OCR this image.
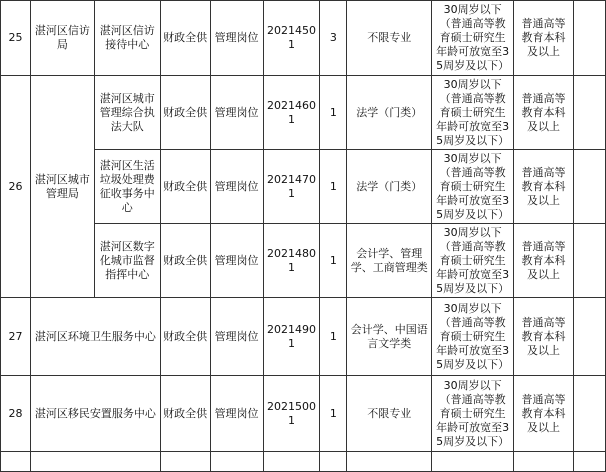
25	湛河区信访局	湛河区信访接待中心	财政全供	管理岗位	20214501	3	不限专业	30周岁以下（普通高等教育硕士研究生年龄可放宽至35周岁及以下）	普通高等教育本科及以上	
26	湛河区城市管理局	湛河区城市管理综合执法大队	财政全供	管理岗位	20214601	1	法学（门类）	30周岁以下（普通高等教育硕士研究生年龄可放宽至35周岁及以下）	普通高等教育本科及以上	
		湛河区生活垃圾处理费征收事务中心	财政全供	管理岗位	20214701	1	法学（门类）	30周岁以下（普通高等教育硕士研究生年龄可放宽至35周岁及以下）	普通高等教育本科及以上	
		湛河区数字化城市监督指挥中心	财政全供	管理岗位	20214801	1	会计学、管理学、工商管理类	30周岁以下（普通高等教育硕士研究生年龄可放宽至35周岁及以下）	普通高等教育本科及以上	
27	湛河区环境卫生服务中心		财政全供	管理岗位	20214901	1	会计学、中国语言文学类	30周岁以下（普通高等教育硕士研究生年龄可放宽至35周岁及以下）	普通高等教育本科及以上	
28	湛河区移民安置服务中心		财政全供	管理岗位	20215001	1	不限专业	30周岁以下（普通高等教育硕士研究生年龄可放宽至35周岁及以下）	普通高等教育本科及以上	
